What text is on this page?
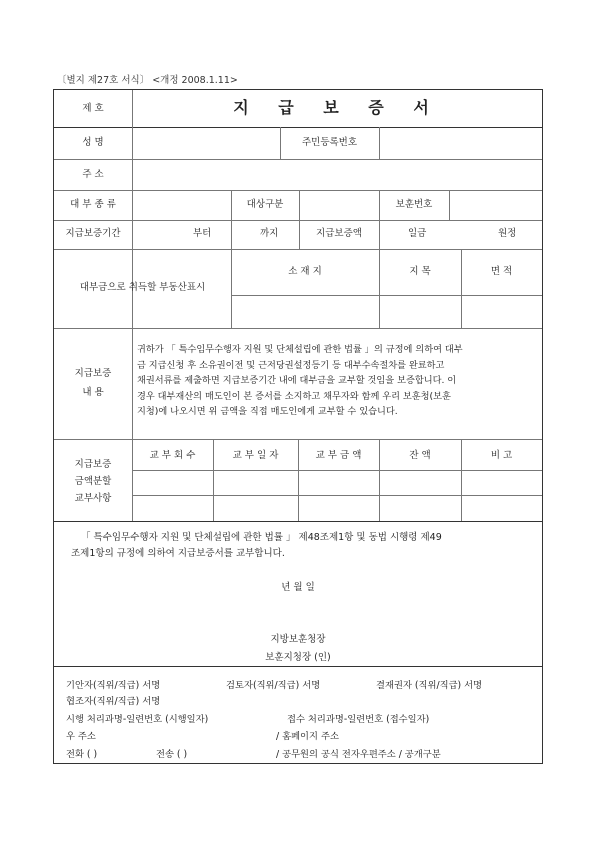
〔별지 제27호 서식〕 <개정 2008.1.11>
제 호	지 급 보 증 서
성 명	주민등록번호
주 소
대 부 종 류	대상구분	보훈번호
지급보증기간	부터	까지	지급보증액	일금	원정
대부금으로 취득할 부동산표시
소 재 지	지 목	면 적
지급보증
내 용
귀하가 「 특수임무수행자 지원 및 단체설립에 관한 법률 」의 규정에 의하여 대부
금 지급신청 후 소유권이전 및 근저당권설정등기 등 대부수속절차를 완료하고
채권서류를 제출하면 지급보증기간 내에 대부금을 교부할 것임을 보증합니다. 이
경우 대부재산의 매도인이 본 증서를 소지하고 채무자와 함께 우리 보훈청(보훈
지청)에 나오시면 위 금액을 직접 매도인에게 교부할 수 있습니다.
지급보증
금액분할
교부사항
교 부 회 수	교 부 일 자	교 부 금 액	잔 액	비 고
「 특수임무수행자 지원 및 단체설립에 관한 법률 」 제48조제1항 및 동법 시행령 제49
조제1항의 규정에 의하여 지급보증서를 교부합니다.
년 월 일
지방보훈청장
보훈지청장 (인)
기안자(직위/직급) 서명	검토자(직위/직급) 서명	결재권자 (직위/직급) 서명
협조자(직위/직급) 서명
시행 처리과명-일련번호 (시행일자)	접수 처리과명-일련번호 (접수일자)
우 주소	/ 홈페이지 주소
전화 ( )	전송 ( )	/ 공무원의 공식 전자우편주소 / 공개구분
